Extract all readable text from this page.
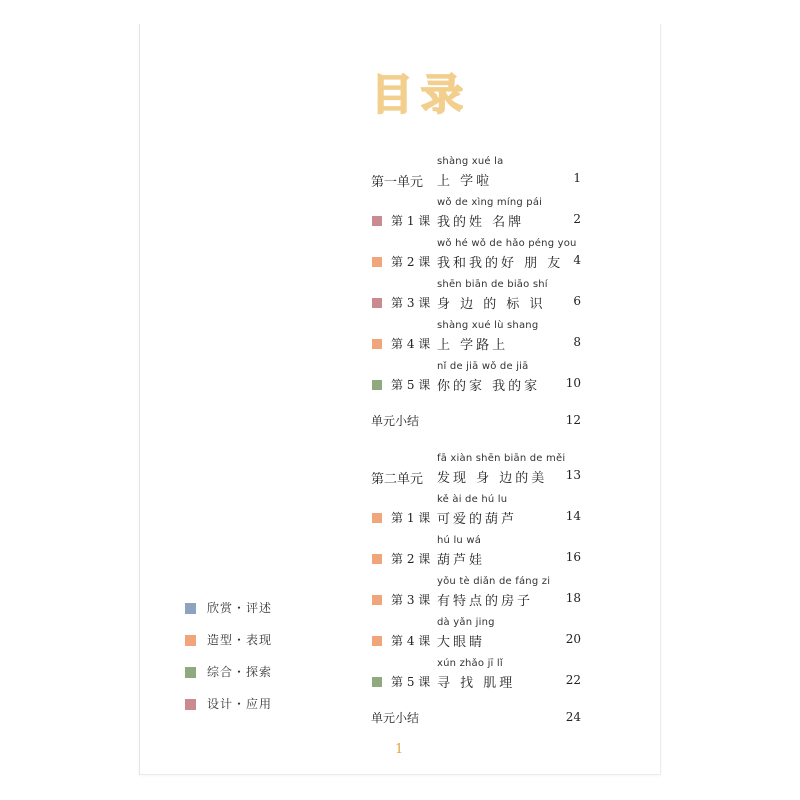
目录
shàng xué la
第一单元 上 学啦	1
wǒ de xìng míng pái
第 1 课 我的姓 名牌	2
wǒ hé wǒ de hǎo péng you
第 2 课 我和我的好 朋 友 4
shēn biān de biāo shí
第 3 课 身 边 的 标 识 6
shàng xué lù shang
第 4 课 上 学路上	8
nǐ de jiā wǒ de jiā
第 5 课 你的家 我的家 10
单元小结	12
fā xiàn shēn biān de měi
第二单元 发现 身 边的美 13
kě ài de hú lu
第 1 课 可爱的葫芦	14
hú lu wá
第 2 课 葫芦娃	16
yǒu tè diǎn de fáng zi
第 3 课 有特点的房子	18
dà yǎn jing
第 4 课 大眼睛	20
xún zhǎo jī lǐ
第 5 课 寻 找 肌理	22
单元小结	24
欣赏・评述
造型・表现
综合・探索
设计・应用
1
